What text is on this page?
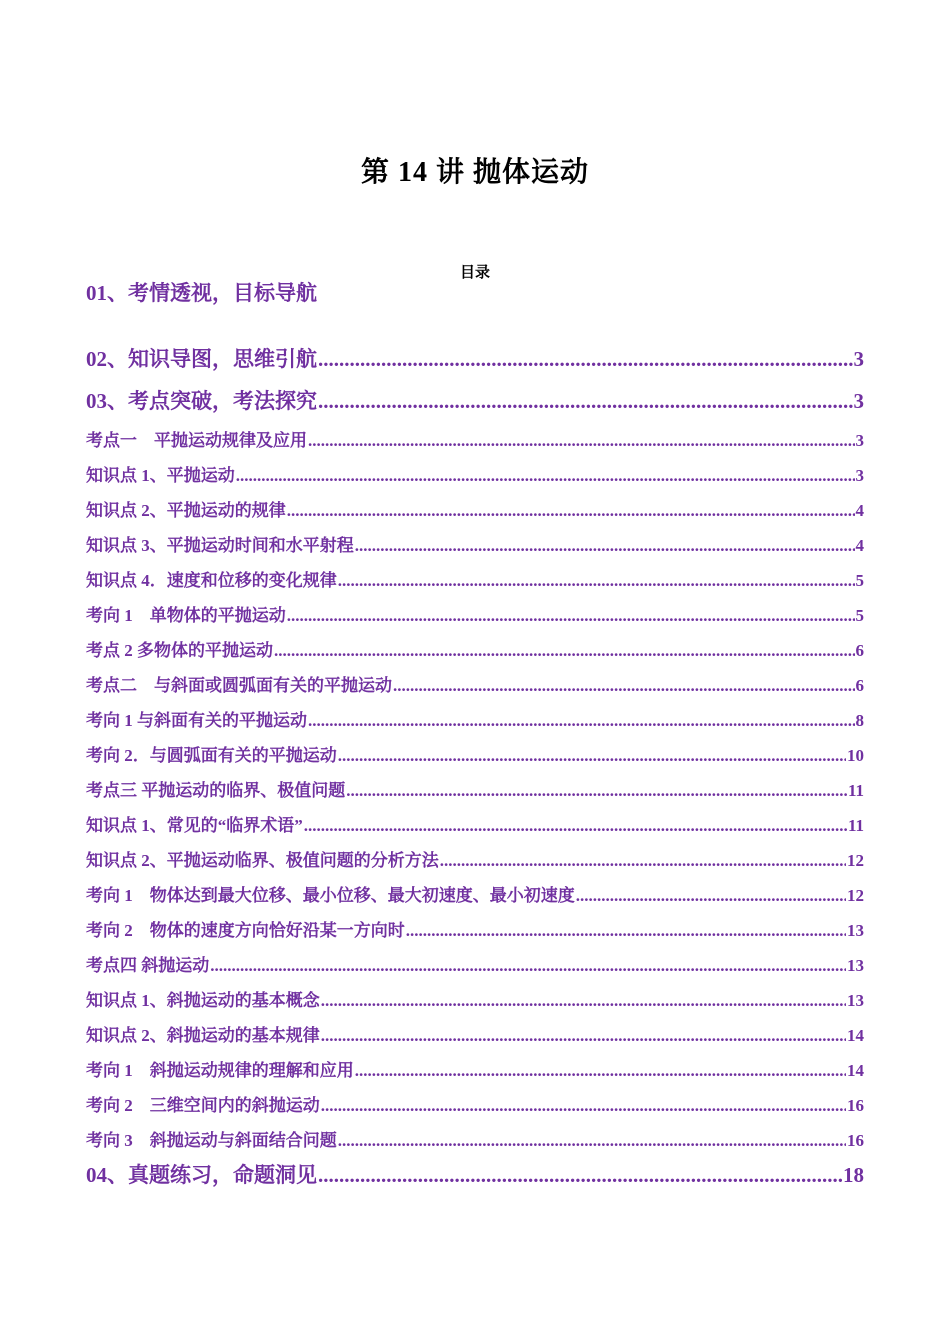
第 14 讲 抛体运动
目录
01、考情透视，目标导航
02、知识导图，思维引航 .....	3
03、考点突破，考法探究 .....	3
考点一　平抛运动规律及应用 .....	3
知识点 1、平抛运动 .....	3
知识点 2、平抛运动的规律 .....	4
知识点 3、平抛运动时间和水平射程 .....	4
知识点 4．速度和位移的变化规律 .....	5
考向 1　单物体的平抛运动 .....	5
考点 2 多物体的平抛运动 .....	6
考点二　与斜面或圆弧面有关的平抛运动 .....	6
考向 1 与斜面有关的平抛运动 .....	8
考向 2．与圆弧面有关的平抛运动 .....	10
考点三 平抛运动的临界、极值问题 .....	11
知识点 1、常见的“临界术语” .....	11
知识点 2、平抛运动临界、极值问题的分析方法 .....	12
考向 1　物体达到最大位移、最小位移、最大初速度、最小初速度 .....	12
考向 2　物体的速度方向恰好沿某一方向时 .....	13
考点四 斜抛运动 .....	13
知识点 1、斜抛运动的基本概念 .....	13
知识点 2、斜抛运动的基本规律 .....	14
考向 1　斜抛运动规律的理解和应用 .....	14
考向 2　三维空间内的斜抛运动 .....	16
考向 3　斜抛运动与斜面结合问题 .....	16
04、真题练习，命题洞见 .....	18
